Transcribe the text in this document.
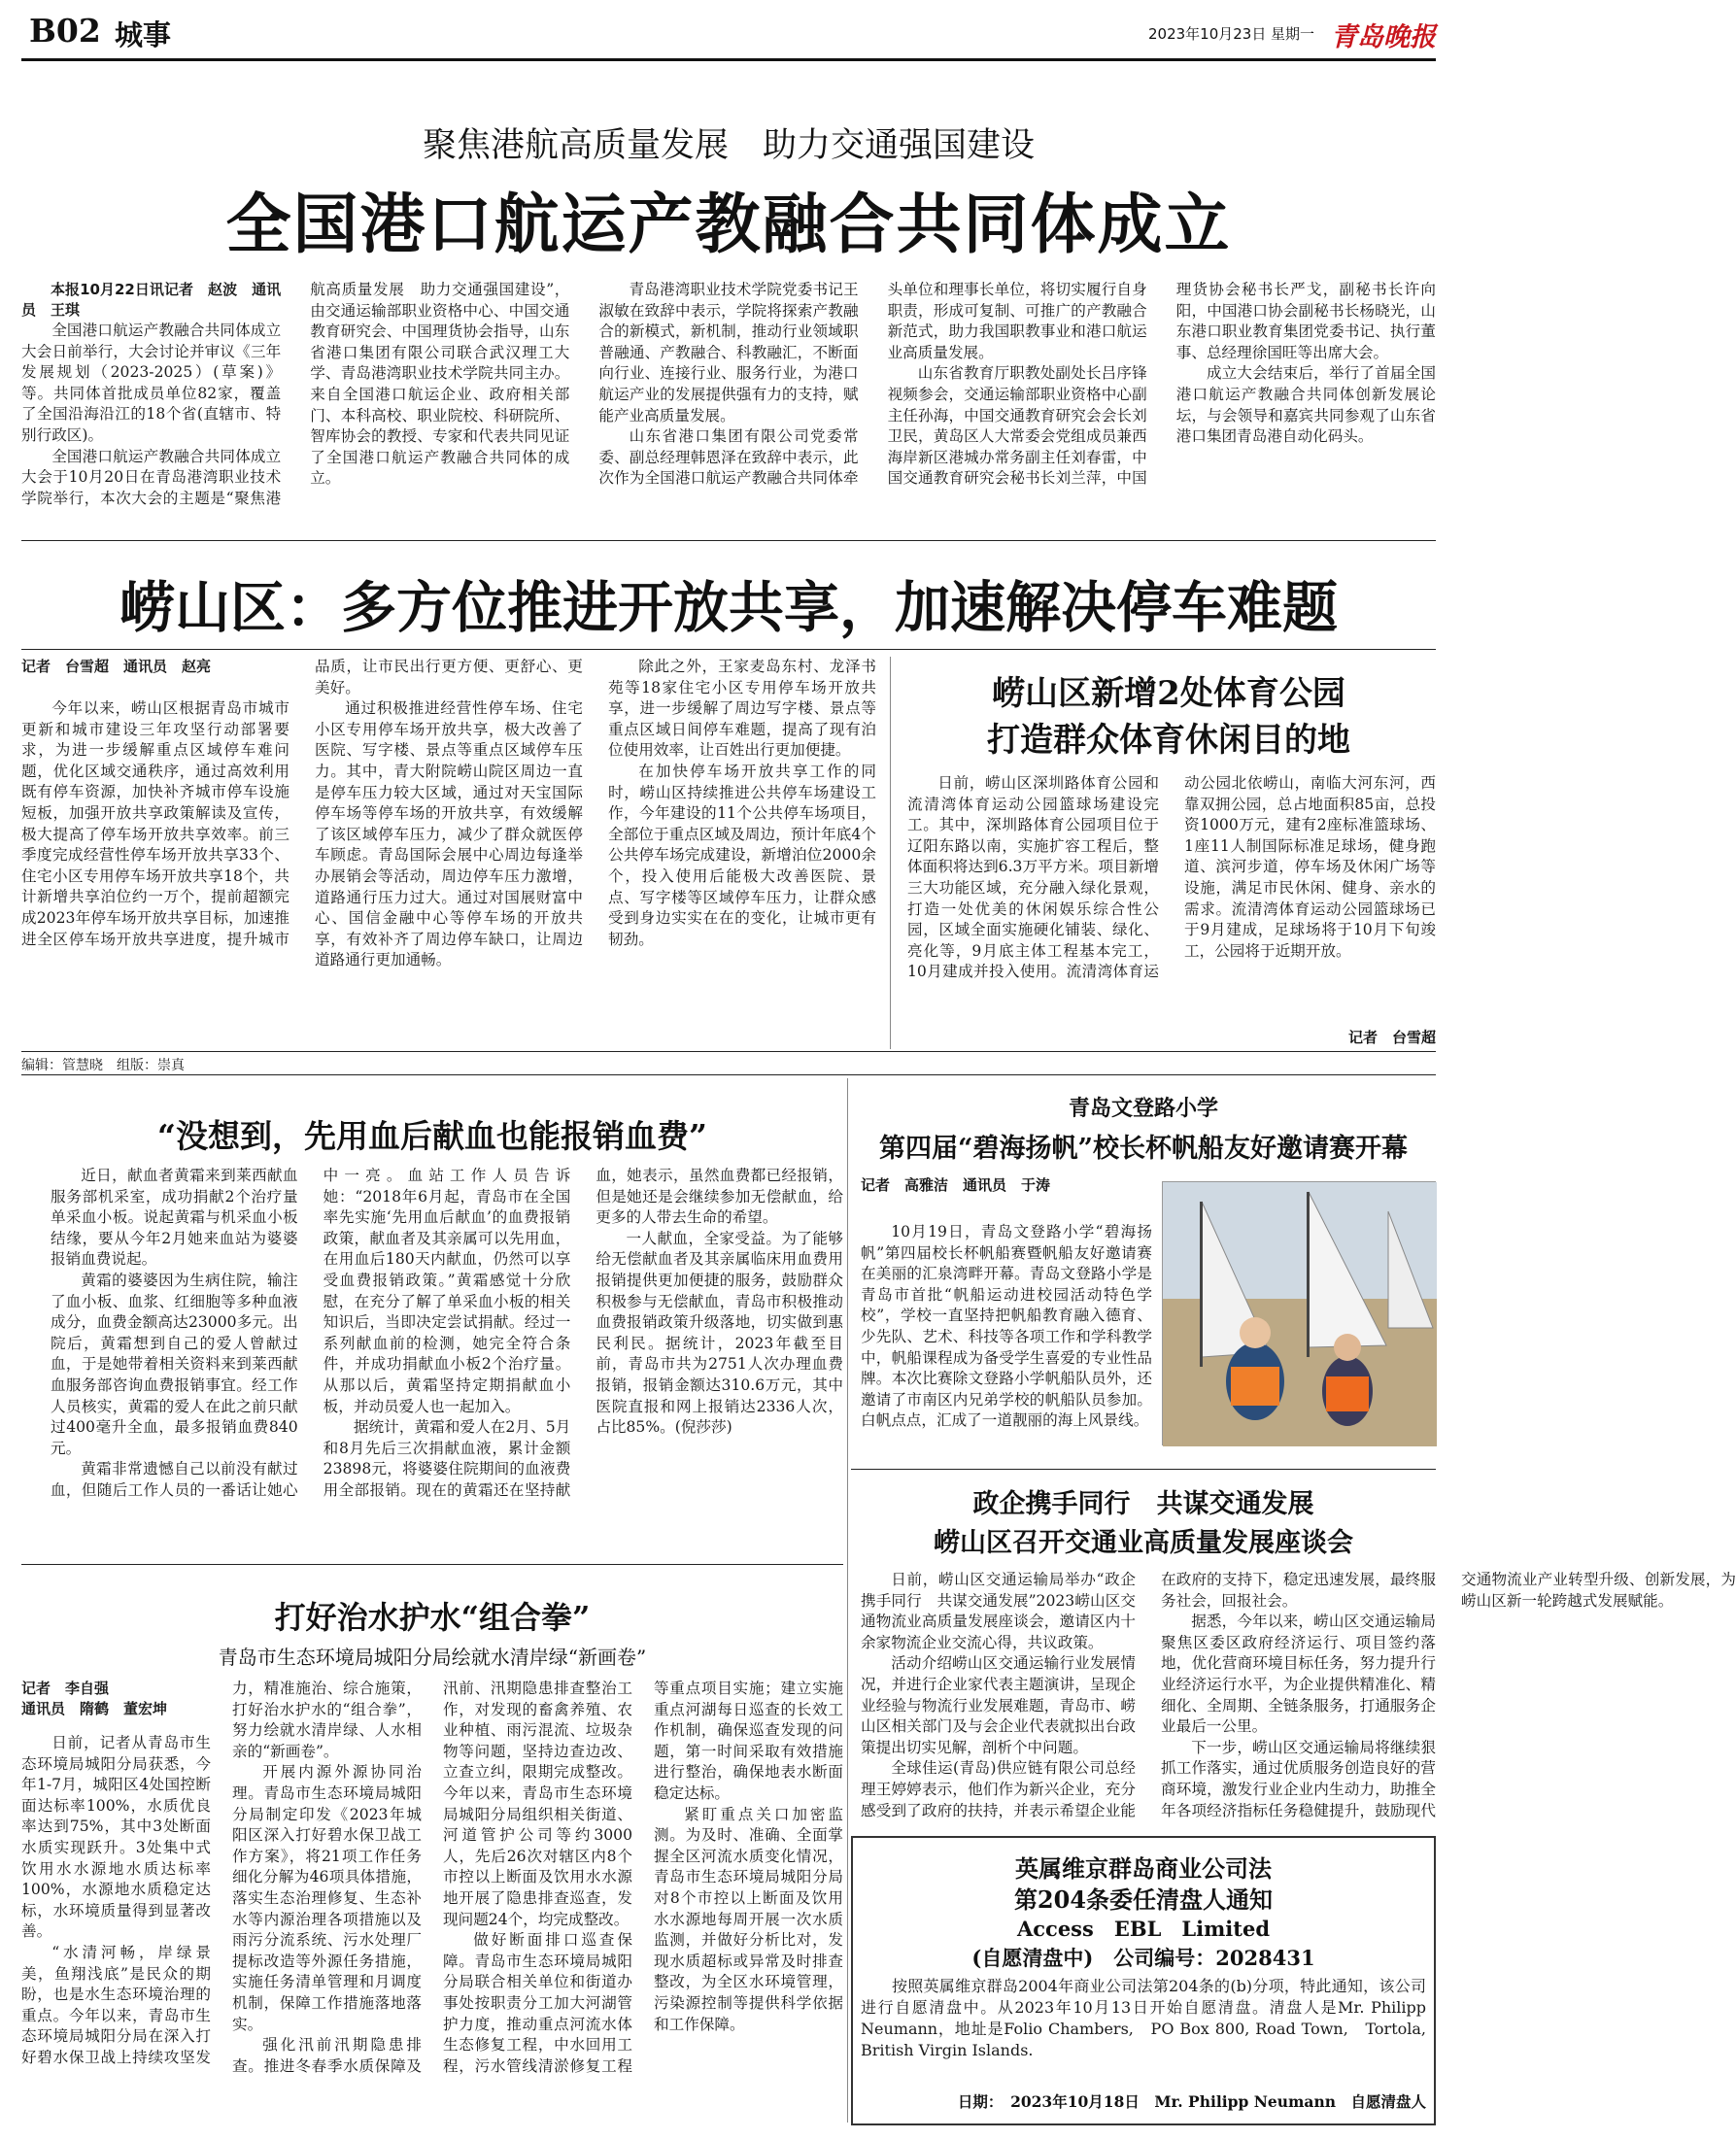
B02 城事	2023年10月23日 星期一 青岛晚报
聚焦港航高质量发展　助力交通强国建设
全国港口航运产教融合共同体成立

本报10月22日讯记者　赵波　通讯员　王琪

全国港口航运产教融合共同体成立大会日前举行，大会讨论并审议《三年发展规划（2023-2025）(草案)》等。共同体首批成员单位82家，覆盖了全国沿海沿江的18个省(直辖市、特别行政区)。

全国港口航运产教融合共同体成立大会于10月20日在青岛港湾职业技术学院举行，本次大会的主题是“聚焦港航高质量发展　助力交通强国建设”，由交通运输部职业资格中心、中国交通教育研究会、中国理货协会指导，山东省港口集团有限公司联合武汉理工大学、青岛港湾职业技术学院共同主办。来自全国港口航运企业、政府相关部门、本科高校、职业院校、科研院所、智库协会的教授、专家和代表共同见证了全国港口航运产教融合共同体的成立。

青岛港湾职业技术学院党委书记王淑敏在致辞中表示，学院将探索产教融合的新模式，新机制，推动行业领域职普融通、产教融合、科教融汇，不断面向行业、连接行业、服务行业，为港口航运产业的发展提供强有力的支持，赋能产业高质量发展。

山东省港口集团有限公司党委常委、副总经理韩恩泽在致辞中表示，此次作为全国港口航运产教融合共同体牵头单位和理事长单位，将切实履行自身职责，形成可复制、可推广的产教融合新范式，助力我国职教事业和港口航运业高质量发展。

山东省教育厅职教处副处长吕序锋视频参会，交通运输部职业资格中心副主任孙海，中国交通教育研究会会长刘卫民，黄岛区人大常委会党组成员兼西海岸新区港城办常务副主任刘春雷，中国交通教育研究会秘书长刘兰萍，中国理货协会秘书长严戈，副秘书长许向阳，中国港口协会副秘书长杨晓光，山东港口职业教育集团党委书记、执行董事、总经理徐国旺等出席大会。

成立大会结束后，举行了首届全国港口航运产教融合共同体创新发展论坛，与会领导和嘉宾共同参观了山东省港口集团青岛港自动化码头。

崂山区：多方位推进开放共享，加速解决停车难题

记者　台雪超　通讯员　赵亮

今年以来，崂山区根据青岛市城市更新和城市建设三年攻坚行动部署要求，为进一步缓解重点区域停车难问题，优化区域交通秩序，通过高效利用既有停车资源，加快补齐城市停车设施短板，加强开放共享政策解读及宣传，极大提高了停车场开放共享效率。前三季度完成经营性停车场开放共享33个、住宅小区专用停车场开放共享18个，共计新增共享泊位约一万个，提前超额完成2023年停车场开放共享目标，加速推进全区停车场开放共享进度，提升城市品质，让市民出行更方便、更舒心、更美好。

通过积极推进经营性停车场、住宅小区专用停车场开放共享，极大改善了医院、写字楼、景点等重点区域停车压力。其中，青大附院崂山院区周边一直是停车压力较大区域，通过对天宝国际停车场等停车场的开放共享，有效缓解了该区域停车压力，减少了群众就医停车顾虑。青岛国际会展中心周边每逢举办展销会等活动，周边停车压力激增，道路通行压力过大。通过对国展财富中心、国信金融中心等停车场的开放共享，有效补齐了周边停车缺口，让周边道路通行更加通畅。

除此之外，王家麦岛东村、龙泽书苑等18家住宅小区专用停车场开放共享，进一步缓解了周边写字楼、景点等重点区域日间停车难题，提高了现有泊位使用效率，让百姓出行更加便捷。

在加快停车场开放共享工作的同时，崂山区持续推进公共停车场建设工作，今年建设的11个公共停车场项目，全部位于重点区域及周边，预计年底4个公共停车场完成建设，新增泊位2000余个，投入使用后能极大改善医院、景点、写字楼等区域停车压力，让群众感受到身边实实在在的变化，让城市更有韧劲。

崂山区新增2处体育公园
打造群众体育休闲目的地

日前，崂山区深圳路体育公园和流清湾体育运动公园篮球场建设完工。其中，深圳路体育公园项目位于辽阳东路以南，实施扩容工程后，整体面积将达到6.3万平方米。项目新增三大功能区域，充分融入绿化景观，打造一处优美的休闲娱乐综合性公园，区域全面实施硬化铺装、绿化、亮化等，9月底主体工程基本完工，10月建成并投入使用。流清湾体育运动公园北依崂山，南临大河东河，西靠双拥公园，总占地面积85亩，总投资1000万元，建有2座标准篮球场、1座11人制国际标准足球场，健身跑道、滨河步道，停车场及休闲广场等设施，满足市民休闲、健身、亲水的需求。流清湾体育运动公园篮球场已于9月建成，足球场将于10月下旬竣工，公园将于近期开放。

记者　台雪超
编辑：管慧晓　组版：崇真
“没想到，先用血后献血也能报销血费”

近日，献血者黄霜来到莱西献血服务部机采室，成功捐献2个治疗量单采血小板。说起黄霜与机采血小板结缘，要从今年2月她来血站为婆婆报销血费说起。

黄霜的婆婆因为生病住院，输注了血小板、血浆、红细胞等多种血液成分，血费金额高达23000多元。出院后，黄霜想到自己的爱人曾献过血，于是她带着相关资料来到莱西献血服务部咨询血费报销事宜。经工作人员核实，黄霜的爱人在此之前只献过400毫升全血，最多报销血费840元。

黄霜非常遗憾自己以前没有献过血，但随后工作人员的一番话让她心中一亮。血站工作人员告诉她：“2018年6月起，青岛市在全国率先实施‘先用血后献血’的血费报销政策，献血者及其亲属可以先用血，在用血后180天内献血，仍然可以享受血费报销政策。”黄霜感觉十分欣慰，在充分了解了单采血小板的相关知识后，当即决定尝试捐献。经过一系列献血前的检测，她完全符合条件，并成功捐献血小板2个治疗量。从那以后，黄霜坚持定期捐献血小板，并动员爱人也一起加入。

据统计，黄霜和爱人在2月、5月和8月先后三次捐献血液，累计金额23898元，将婆婆住院期间的血液费用全部报销。现在的黄霜还在坚持献血，她表示，虽然血费都已经报销，但是她还是会继续参加无偿献血，给更多的人带去生命的希望。

一人献血，全家受益。为了能够给无偿献血者及其亲属临床用血费用报销提供更加便捷的服务，鼓励群众积极参与无偿献血，青岛市积极推动血费报销政策升级落地，切实做到惠民利民。据统计，2023年截至目前，青岛市共为2751人次办理血费报销，报销金额达310.6万元，其中医院直报和网上报销达2336人次，占比85%。(倪莎莎)

青岛文登路小学
第四届“碧海扬帆”校长杯帆船友好邀请赛开幕
记者　高雅洁　通讯员　于涛

10月19日，青岛文登路小学“碧海扬帆”第四届校长杯帆船赛暨帆船友好邀请赛在美丽的汇泉湾畔开幕。青岛文登路小学是青岛市首批“帆船运动进校园活动特色学校”，学校一直坚持把帆船教育融入德育、少先队、艺术、科技等各项工作和学科教学中，帆船课程成为备受学生喜爱的专业性品牌。本次比赛除文登路小学帆船队员外，还邀请了市南区内兄弟学校的帆船队员参加。白帆点点，汇成了一道靓丽的海上风景线。

政企携手同行　共谋交通发展
崂山区召开交通业高质量发展座谈会

日前，崂山区交通运输局举办“政企携手同行　共谋交通发展”2023崂山区交通物流业高质量发展座谈会，邀请区内十余家物流企业交流心得，共议政策。

活动介绍崂山区交通运输行业发展情况，并进行企业家代表主题演讲，呈现企业经验与物流行业发展难题，青岛市、崂山区相关部门及与会企业代表就拟出台政策提出切实见解，剖析个中问题。

全球佳运(青岛)供应链有限公司总经理王婷婷表示，他们作为新兴企业，充分感受到了政府的扶持，并表示希望企业能在政府的支持下，稳定迅速发展，最终服务社会，回报社会。

据悉，今年以来，崂山区交通运输局聚焦区委区政府经济运行、项目签约落地，优化营商环境目标任务，努力提升行业经济运行水平，为企业提供精准化、精细化、全周期、全链条服务，打通服务企业最后一公里。

下一步，崂山区交通运输局将继续狠抓工作落实，通过优质服务创造良好的营商环境，激发行业企业内生动力，助推全年各项经济指标任务稳健提升，鼓励现代交通物流业产业转型升级、创新发展，为崂山区新一轮跨越式发展赋能。

英属维京群岛商业公司法
第204条委任清盘人通知
Access　EBL　Limited
(自愿清盘中)　公司编号：2028431

按照英属维京群岛2004年商业公司法第204条的(b)分项，特此通知，该公司进行自愿清盘中。从2023年10月13日开始自愿清盘。清盘人是Mr. Philipp Neumann，地址是Folio Chambers,　PO Box 800, Road Town,　Tortola,　British Virgin Islands.

日期：　2023年10月18日　Mr. Philipp Neumann　自愿清盘人
打好治水护水“组合拳”
青岛市生态环境局城阳分局绘就水清岸绿“新画卷”

记者　李自强

通讯员　隋鹤　董宏坤

日前，记者从青岛市生态环境局城阳分局获悉，今年1-7月，城阳区4处国控断面达标率100%，水质优良率达到75%，其中3处断面水质实现跃升。3处集中式饮用水水源地水质达标率100%，水源地水质稳定达标，水环境质量得到显著改善。

“水清河畅，岸绿景美，鱼翔浅底”是民众的期盼，也是水生态环境治理的重点。今年以来，青岛市生态环境局城阳分局在深入打好碧水保卫战上持续攻坚发力，精准施治、综合施策，打好治水护水的“组合拳”，努力绘就水清岸绿、人水相亲的“新画卷”。

开展内源外源协同治理。青岛市生态环境局城阳分局制定印发《2023年城阳区深入打好碧水保卫战工作方案》，将21项工作任务细化分解为46项具体措施，落实生态治理修复、生态补水等内源治理各项措施以及雨污分流系统、污水处理厂提标改造等外源任务措施，实施任务清单管理和月调度机制，保障工作措施落地落实。

强化汛前汛期隐患排查。推进冬春季水质保障及汛前、汛期隐患排查整治工作，对发现的畜禽养殖、农业种植、雨污混流、垃圾杂物等问题，坚持边查边改、立查立纠，限期完成整改。今年以来，青岛市生态环境局城阳分局组织相关街道、河道管护公司等约3000人，先后26次对辖区内8个市控以上断面及饮用水水源地开展了隐患排查巡查，发现问题24个，均完成整改。

做好断面排口巡查保障。青岛市生态环境局城阳分局联合相关单位和街道办事处按职责分工加大河湖管护力度，推动重点河流水体生态修复工程，中水回用工程，污水管线清淤修复工程等重点项目实施；建立实施重点河湖每日巡查的长效工作机制，确保巡查发现的问题，第一时间采取有效措施进行整治，确保地表水断面稳定达标。

紧盯重点关口加密监测。为及时、准确、全面掌握全区河流水质变化情况，青岛市生态环境局城阳分局对8个市控以上断面及饮用水水源地每周开展一次水质监测，并做好分析比对，发现水质超标或异常及时排查整改，为全区水环境管理，污染源控制等提供科学依据和工作保障。
